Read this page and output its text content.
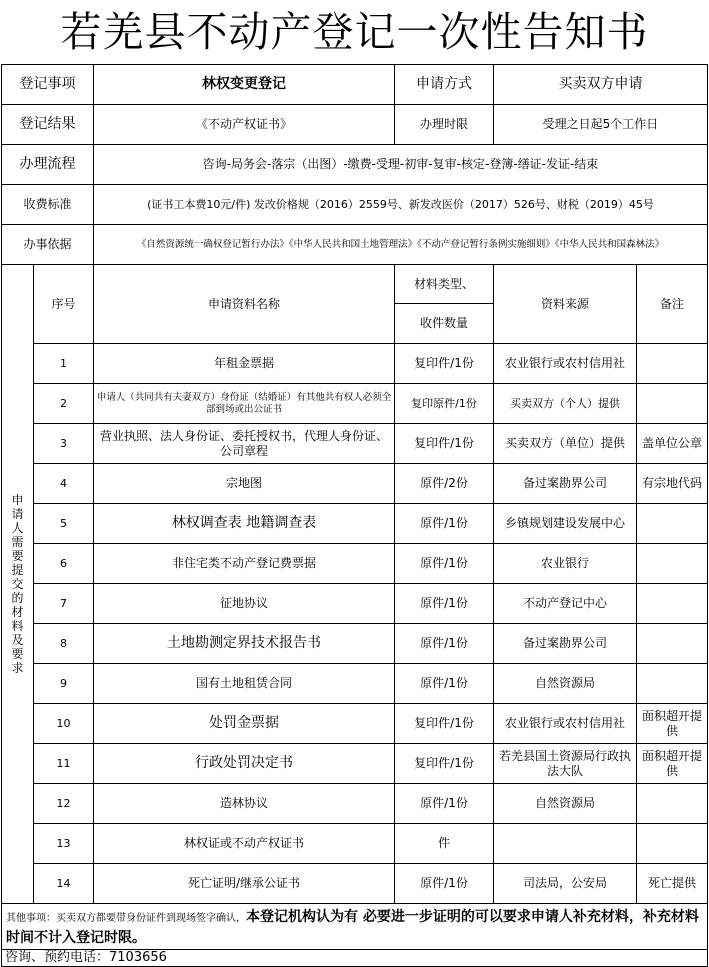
若羌县不动产登记一次性告知书
登记事项		林权变更登记	申请方式	买卖双方申请	
登记结果		《不动产权证书》	办理时限	受理之日起5个工作日	
办理流程		咨询-局务会-落宗（出图）-缴费-受理-初审-复审-核定-登簿-缮证-发证-结束			
收费标准		(证书工本费10元/件) 发改价格规（2016）2559号、新发改医价（2017）526号、财税（2019）45号			
办事依据		《自然资源统一确权登记暂行办法》《中华人民共和国土地管理法》《不动产登记暂行条例实施细则》《中华人民共和国森林法》			

申请人需要提交的材料及要求	序号	申请资料名称	材料类型、	资料来源	备注
			收件数量		
	1	年租金票据	复印件/1份	农业银行或农村信用社	
	2	申请人（共同共有夫妻双方）身份证（结婚证）有其他共有权人必须全部到场或出公证书	复印原件/1份	买卖双方（个人）提供	
	3	营业执照、法人身份证、委托授权书，代理人身份证、公司章程	复印件/1份	买卖双方（单位）提供	盖单位公章
	4	宗地图	原件/2份	备过案勘界公司	有宗地代码
	5	林权调查表 地籍调查表	原件/1份	乡镇规划建设发展中心	
	6	非住宅类不动产登记费票据	原件/1份	农业银行	
	7	征地协议	原件/1份	不动产登记中心	
	8	土地勘测定界技术报告书	原件/1份	备过案勘界公司	
	9	国有土地租赁合同	原件/1份	自然资源局	
	10	处罚金票据	复印件/1份	农业银行或农村信用社	面积超开提供
	11	行政处罚决定书	复印件/1份	若羌县国土资源局行政执法大队	面积超开提供
	12	造林协议	原件/1份	自然资源局	
	13	林权证或不动产权证书	件		
	14	死亡证明/继承公证书	原件/1份	司法局，公安局	死亡提供
其他事项：买卖双方都要带身份证件到现场签字确认，本登记机构认为有 必要进一步证明的可以要求申请人补充材料，补充材料时间不计入登记时限。					
咨询、预约电话：7103656					
